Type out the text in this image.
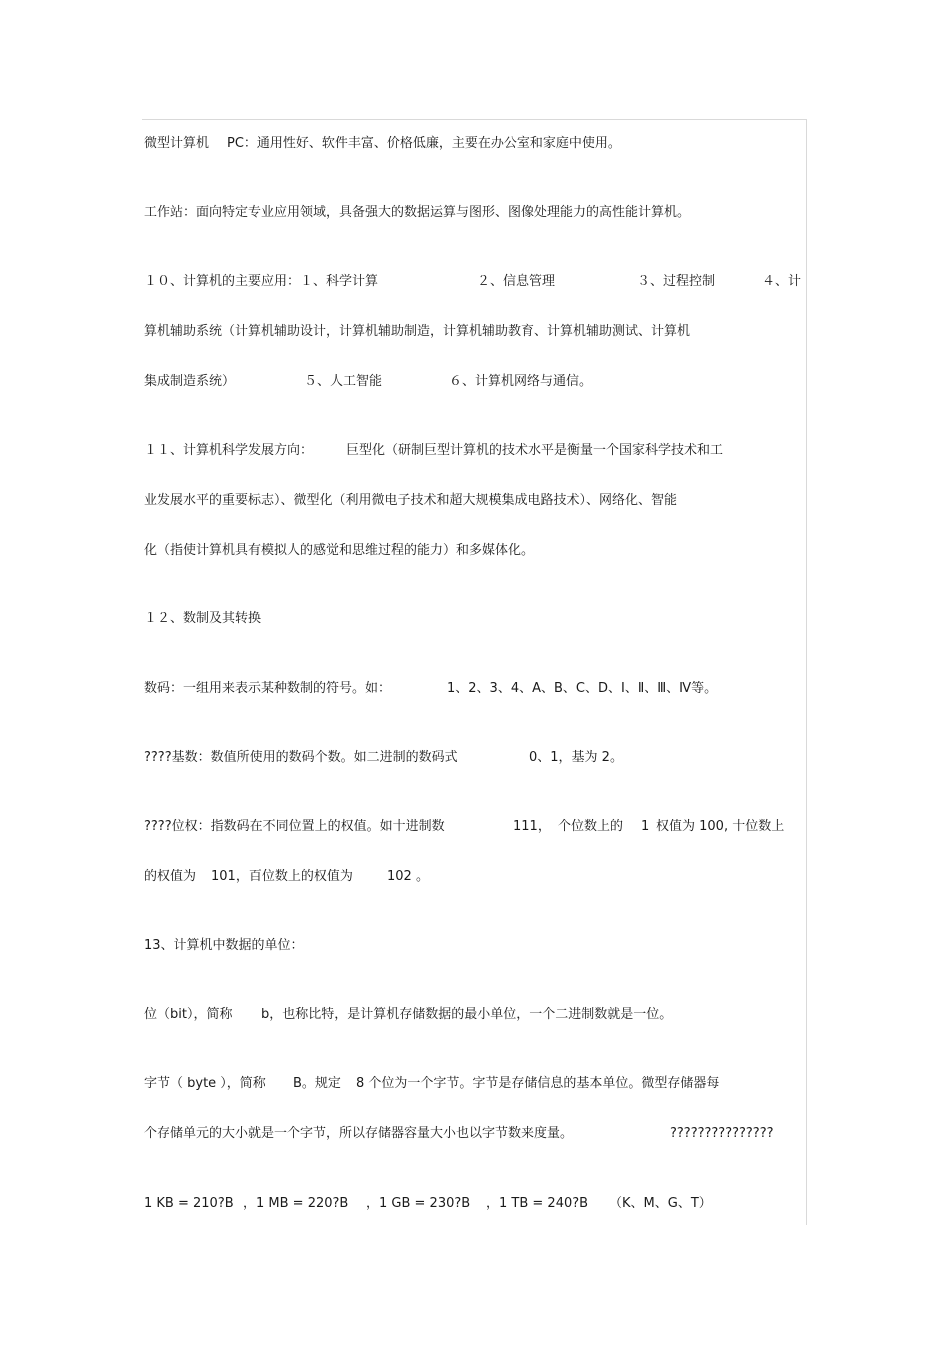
微型计算机

PC：通用性好、软件丰富、价格低廉，主要在办公室和家庭中使用。

工作站：面向特定专业应用领域，具备强大的数据运算与图形、图像处理能力的高性能计算机。

１０、计算机的主要应用：１、科学计算

	２、信息管理

	３、过程控制

	４、计

算机辅助系统（计算机辅助设计，计算机辅助制造，计算机辅助教育、计算机辅助测试、计算机

集成制造系统）

	５、人工智能

	６、计算机网络与通信。

１１、计算机科学发展方向：

	巨型化（研制巨型计算机的技术水平是衡量一个国家科学技术和工

业发展水平的重要标志）、微型化（利用微电子技术和超大规模集成电路技术）、网络化、智能

化（指使计算机具有模拟人的感觉和思维过程的能力）和多媒体化。

１２、数制及其转换

数码：一组用来表示某种数制的符号。如：

	1、2、3、4、A、B、C、D、Ⅰ、Ⅱ、Ⅲ、Ⅳ等。

????基数：数值所使用的数码个数。如二进制的数码式

	0、1，基为 2。

????位权：指数码在不同位置上的权值。如十进制数

	111，

个位数上的

1

权值为 100, 十位数上

的权值为

101，百位数上的权值为

	102 。

13、计算机中数据的单位：

位（bit），简称

b，也称比特，是计算机存储数据的最小单位，一个二进制数就是一位。

字节（ byte ），简称

B。规定

8 个位为一个字节。字节是存储信息的基本单位。微型存储器每

个存储单元的大小就是一个字节，所以存储器容量大小也以字节数来度量。

	???????????????

1 KB = 210?B

，1 MB = 220?B

，1 GB = 230?B

，1 TB = 240?B

（K、M、G、T）
